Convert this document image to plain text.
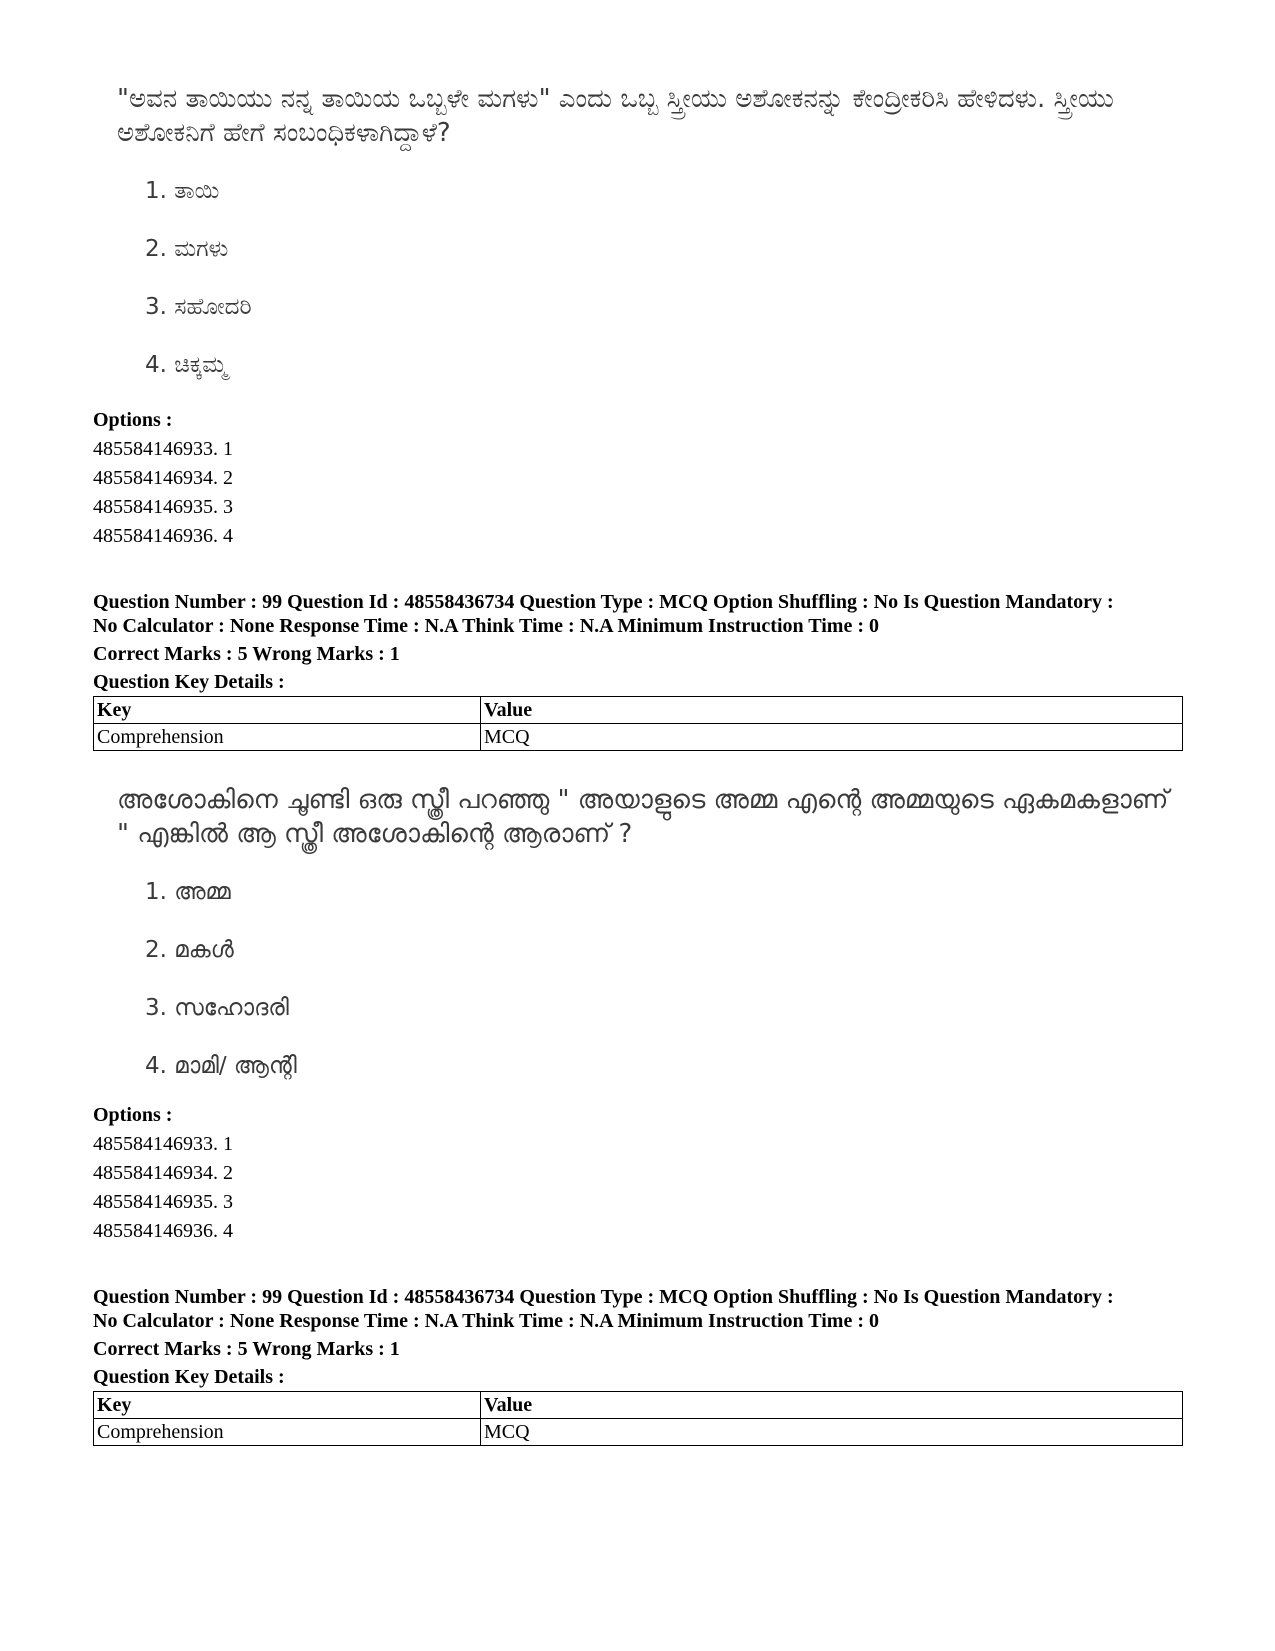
"ಅವನ ತಾಯಿಯು ನನ್ನ ತಾಯಿಯ ಒಬ್ಬಳೇ ಮಗಳು" ಎಂದು ಒಬ್ಬ ಸ್ತ್ರೀಯು ಅಶೋಕನನ್ನು ಕೇಂದ್ರೀಕರಿಸಿ ಹೇಳಿದಳು. ಸ್ತ್ರೀಯು ಅಶೋಕನಿಗೆ ಹೇಗೆ ಸಂಬಂಧಿಕಳಾಗಿದ್ದಾಳೆ?

1. ತಾಯಿ
2. ಮಗಳು
3. ಸಹೋದರಿ
4. ಚಿಕ್ಕಮ್ಮ
Options :
485584146933. 1
485584146934. 2
485584146935. 3
485584146936. 4
Question Number : 99 Question Id : 48558436734 Question Type : MCQ Option Shuffling : No Is Question Mandatory :
No Calculator : None Response Time : N.A Think Time : N.A Minimum Instruction Time : 0
Correct Marks : 5 Wrong Marks : 1
Question Key Details :
Key	Value
Comprehension	MCQ

അശോകിനെ ചൂണ്ടി ഒരു സ്ത്രീ പറഞ്ഞു " അയാളുടെ അമ്മ എന്റെ അമ്മയുടെ ഏകമകളാണ് " എങ്കിൽ ആ സ്ത്രീ അശോകിന്റെ ആരാണ് ?

1. അമ്മ
2. മകൾ
3. സഹോദരി
4. മാമി/ ആന്റി
Options :
485584146933. 1
485584146934. 2
485584146935. 3
485584146936. 4
Question Number : 99 Question Id : 48558436734 Question Type : MCQ Option Shuffling : No Is Question Mandatory :
No Calculator : None Response Time : N.A Think Time : N.A Minimum Instruction Time : 0
Correct Marks : 5 Wrong Marks : 1
Question Key Details :
Key	Value
Comprehension	MCQ
